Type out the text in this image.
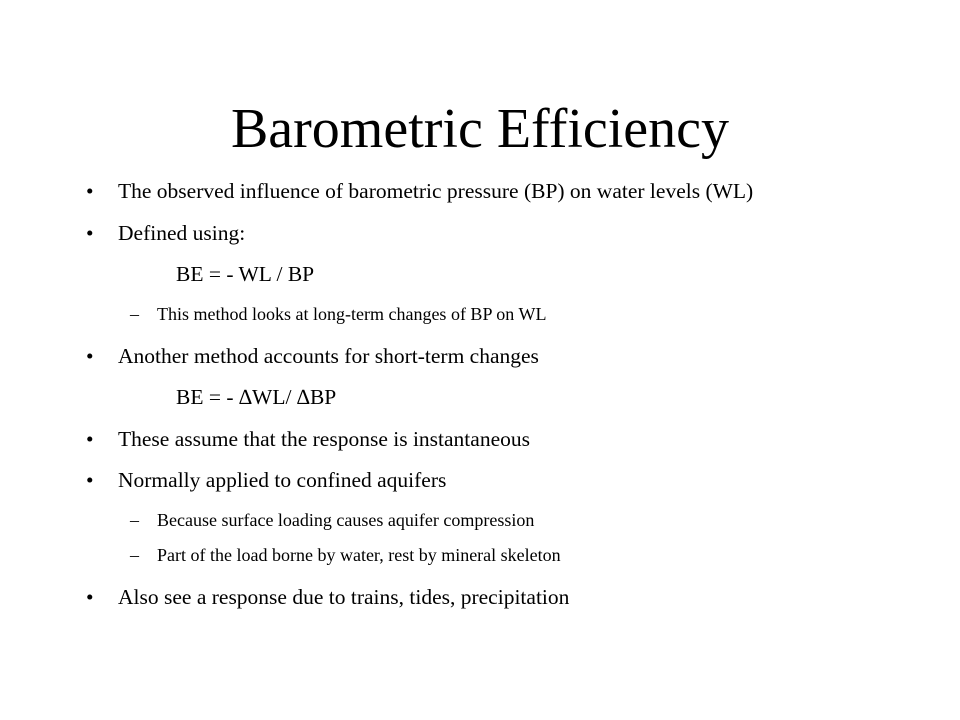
Barometric Efficiency
• The observed influence of barometric pressure (BP) on water levels (WL)
• Defined using:
BE = - WL / BP
– This method looks at long-term changes of BP on WL
• Another method accounts for short-term changes
BE = - ∆WL/ ∆BP
• These assume that the response is instantaneous
• Normally applied to confined aquifers
– Because surface loading causes aquifer compression
– Part of the load borne by water, rest by mineral skeleton
• Also see a response due to trains, tides, precipitation
